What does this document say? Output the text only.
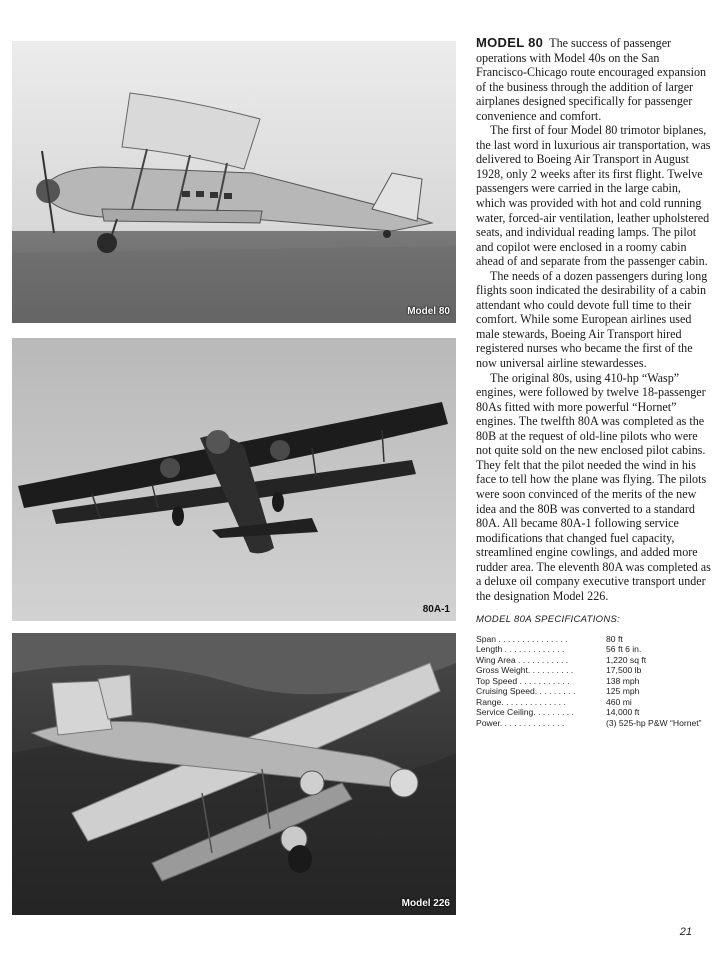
Model 80
80A-1
Model 226

MODEL 80 The success of passenger operations with Model 40s on the San Francisco-Chicago route encouraged expansion of the business through the addition of larger airplanes designed specifically for passenger convenience and comfort.

The first of four Model 80 trimotor biplanes, the last word in luxurious air transportation, was delivered to Boeing Air Transport in August 1928, only 2 weeks after its first flight. Twelve passengers were carried in the large cabin, which was provided with hot and cold running water, forced-air ventilation, leather upholstered seats, and individual reading lamps. The pilot and copilot were enclosed in a roomy cabin ahead of and separate from the passenger cabin.

The needs of a dozen passengers during long flights soon indicated the desirability of a cabin attendant who could devote full time to their comfort. While some European airlines used male stewards, Boeing Air Transport hired registered nurses who became the first of the now universal airline stewardesses.

The original 80s, using 410-hp “Wasp” engines, were followed by twelve 18-passenger 80As fitted with more powerful “Hornet” engines. The twelfth 80A was completed as the 80B at the request of old-line pilots who were not quite sold on the new enclosed pilot cabins. They felt that the pilot needed the wind in his face to tell how the plane was flying. The pilots were soon convinced of the merits of the new idea and the 80B was converted to a standard 80A. All became 80A-1 following service modifications that changed fuel capacity, streamlined engine cowlings, and added more rudder area. The eleventh 80A was completed as a deluxe oil company executive transport under the designation Model 226.

MODEL 80A SPECIFICATIONS:
Span . . . . . . . . . . . . . . .	80 ft
Length . . . . . . . . . . . . .	56 ft 6 in.
Wing Area . . . . . . . . . . .	1,220 sq ft
Gross Weight. . . . . . . . . .	17,500 lb
Top Speed . . . . . . . . . . .	138 mph
Cruising Speed. . . . . . . . .	125 mph
Range. . . . . . . . . . . . . .	460 mi
Service Ceiling. . . . . . . . .	14,000 ft
Power. . . . . . . . . . . . . .	(3) 525-hp P&W “Hornet”
21
